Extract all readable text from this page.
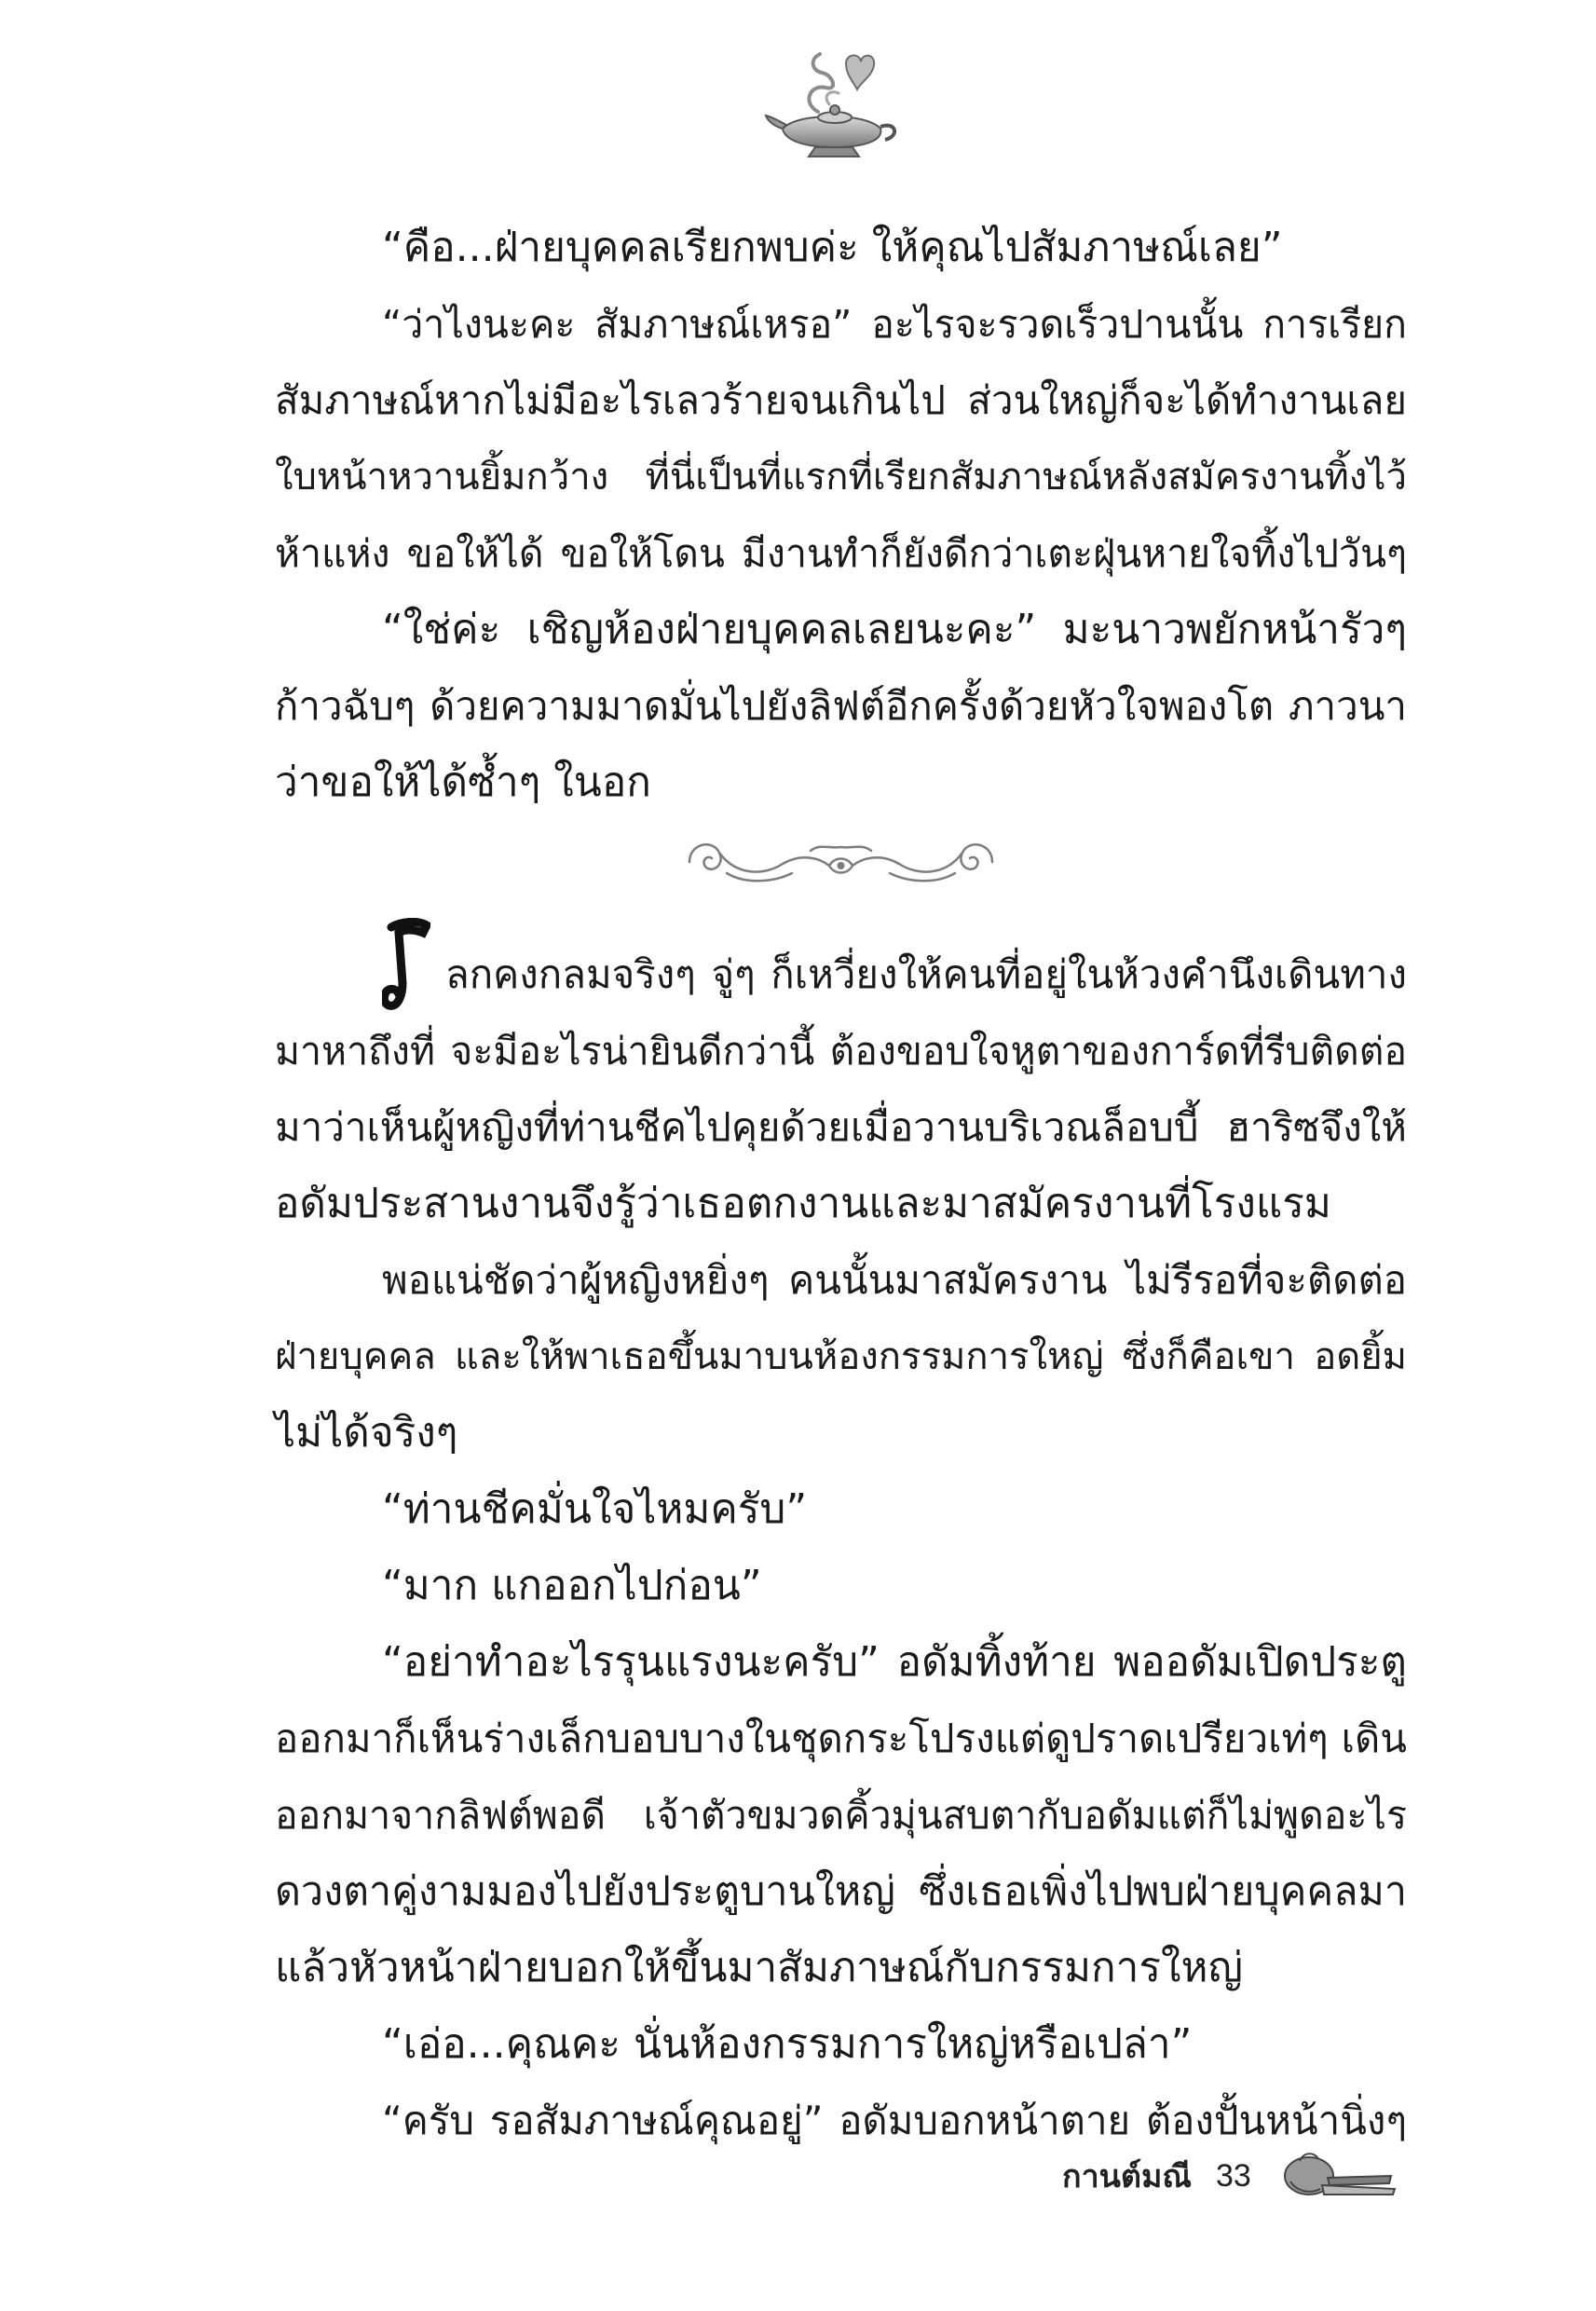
“คือ...ฝ่ายบุคคลเรียกพบค่ะ ให้คุณไปสัมภาษณ์เลย”
“ว่าไงนะคะ สัมภาษณ์เหรอ” อะไรจะรวดเร็วปานนั้น การเรียก
สัมภาษณ์หากไม่มีอะไรเลวร้ายจนเกินไป ส่วนใหญ่ก็จะได้ทำงานเลย
ใบหน้าหวานยิ้มกว้าง ที่นี่เป็นที่แรกที่เรียกสัมภาษณ์หลังสมัครงานทิ้งไว้
ห้าแห่ง ขอให้ได้ ขอให้โดน มีงานทำก็ยังดีกว่าเตะฝุ่นหายใจทิ้งไปวันๆ
“ใช่ค่ะ เชิญห้องฝ่ายบุคคลเลยนะคะ” มะนาวพยักหน้ารัวๆ
ก้าวฉับๆ ด้วยความมาดมั่นไปยังลิฟต์อีกครั้งด้วยหัวใจพองโต ภาวนา
ว่าขอให้ได้ซ้ำๆ ในอก
ลกคงกลมจริงๆ จู่ๆ ก็เหวี่ยงให้คนที่อยู่ในห้วงคำนึงเดินทาง
มาหาถึงที่ จะมีอะไรน่ายินดีกว่านี้ ต้องขอบใจหูตาของการ์ดที่รีบติดต่อ
มาว่าเห็นผู้หญิงที่ท่านชีคไปคุยด้วยเมื่อวานบริเวณล็อบบี้ ฮาริซจึงให้
อดัมประสานงานจึงรู้ว่าเธอตกงานและมาสมัครงานที่โรงแรม
พอแน่ชัดว่าผู้หญิงหยิ่งๆ คนนั้นมาสมัครงาน ไม่รีรอที่จะติดต่อ
ฝ่ายบุคคล และให้พาเธอขึ้นมาบนห้องกรรมการใหญ่ ซึ่งก็คือเขา อดยิ้ม
ไม่ได้จริงๆ
“ท่านชีคมั่นใจไหมครับ”
“มาก แกออกไปก่อน”
“อย่าทำอะไรรุนแรงนะครับ” อดัมทิ้งท้าย พออดัมเปิดประตู
ออกมาก็เห็นร่างเล็กบอบบางในชุดกระโปรงแต่ดูปราดเปรียวเท่ๆ เดิน
ออกมาจากลิฟต์พอดี เจ้าตัวขมวดคิ้วมุ่นสบตากับอดัมแต่ก็ไม่พูดอะไร
ดวงตาคู่งามมองไปยังประตูบานใหญ่ ซึ่งเธอเพิ่งไปพบฝ่ายบุคคลมา
แล้วหัวหน้าฝ่ายบอกให้ขึ้นมาสัมภาษณ์กับกรรมการใหญ่
“เอ่อ...คุณคะ นั่นห้องกรรมการใหญ่หรือเปล่า”
“ครับ รอสัมภาษณ์คุณอยู่” อดัมบอกหน้าตาย ต้องปั้นหน้านิ่งๆ
กานต์มณี 33
